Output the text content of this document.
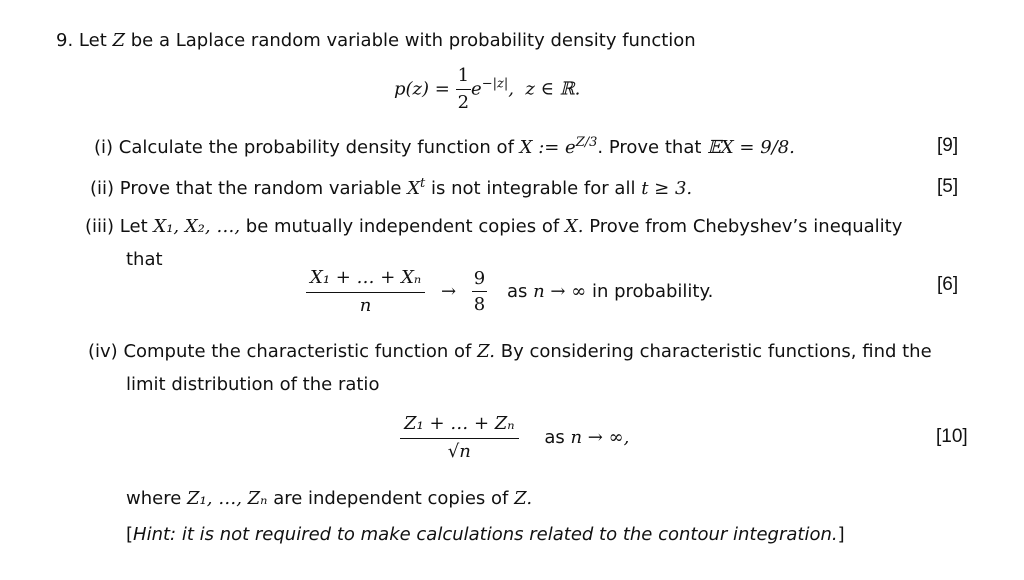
9. Let Z be a Laplace random variable with probability density function
$p(z) = \frac{1}{2} e^{-|z|}$,  z ∈ ℝ.
(i) Calculate the probability density function of X := $e^{Z/3}$. Prove that 𝔼X = 9/8.	[9]
(ii) Prove that the random variable $X^t$ is not integrable for all t ≥ 3.	[5]
(iii) Let X₁, X₂, …, be mutually independent copies of X. Prove from Chebyshev’s inequality
that
$\frac{\text{X₁ + … + Xₙ}}{n} \to \frac{9}{8}$ as n → ∞ in probability.	[6]
(iv) Compute the characteristic function of Z. By considering characteristic functions, find the
limit distribution of the ratio
$\frac{\text{Z₁ + … + Zₙ}}{√n}$ as n → ∞,	[10]
where Z₁, …, Zₙ are independent copies of Z.
[Hint: it is not required to make calculations related to the contour integration.]
